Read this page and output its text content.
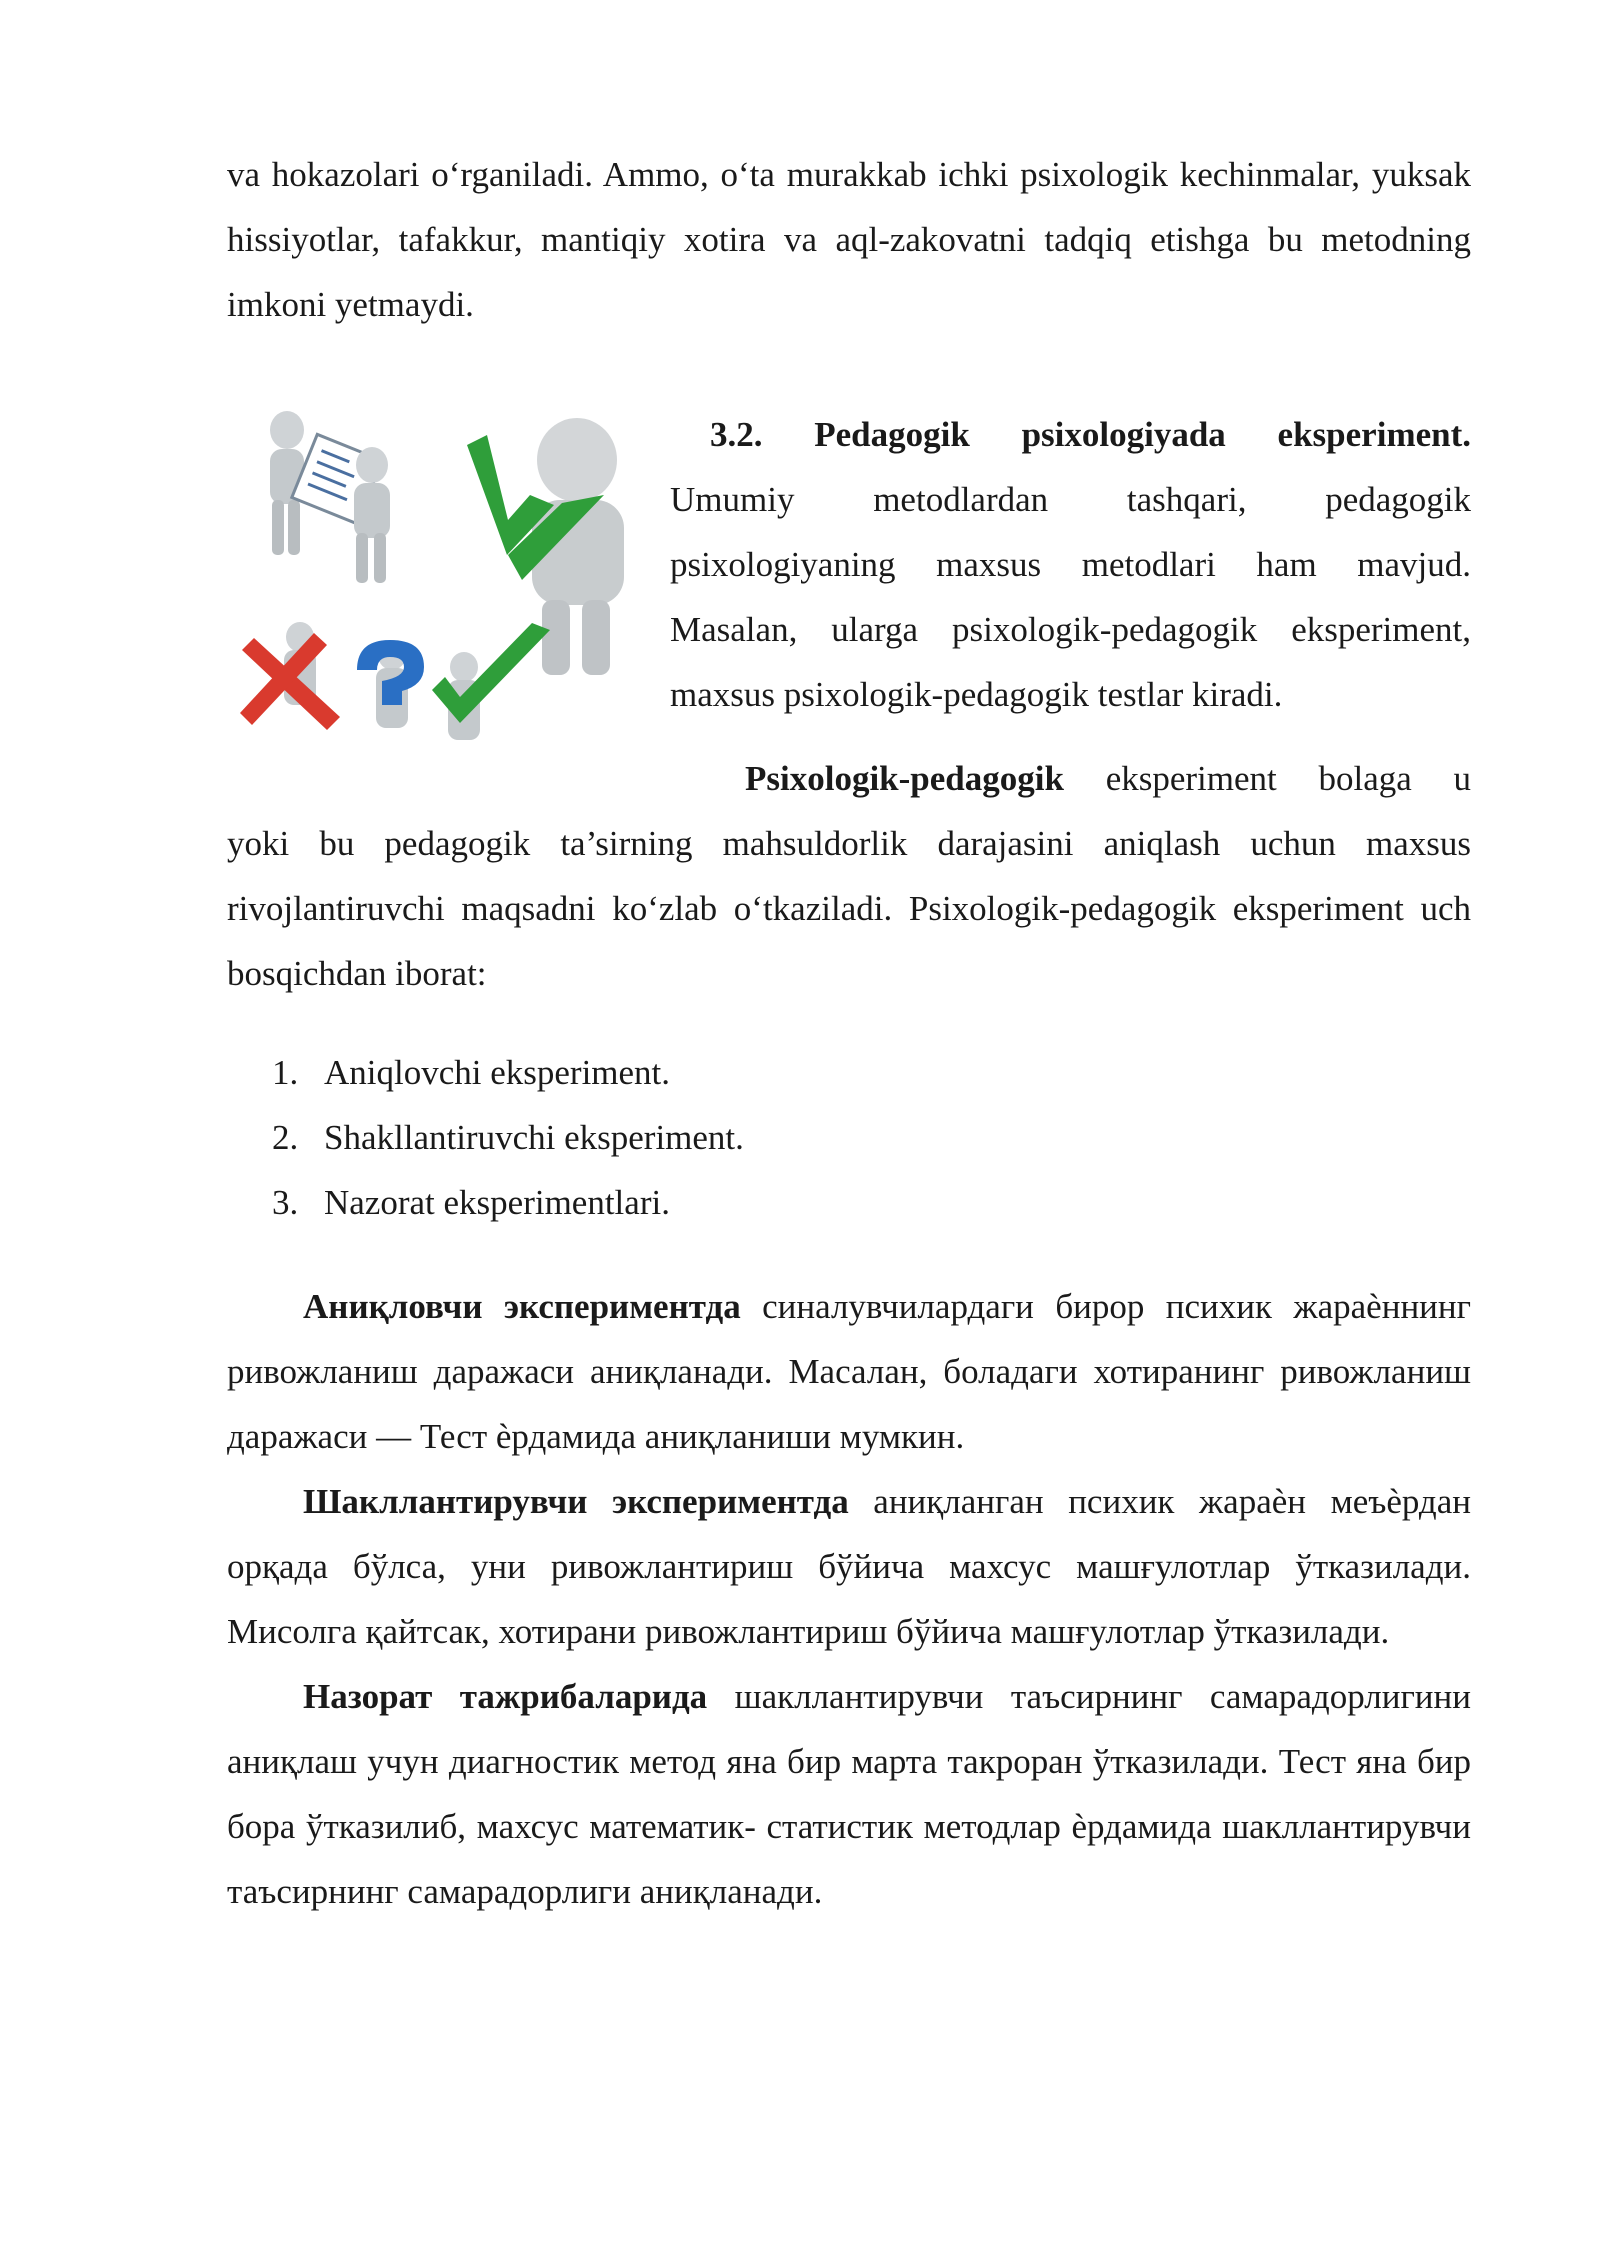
va hokazolari o‘rganiladi. Ammo, o‘ta murakkab ichki psixologik kechinmalar, yuksak hissiyotlar, tafakkur, mantiqiy xotira va aql-zakovatni tadqiq etishga bu metodning imkoni yetmaydi.

3.2. Pedagogik psixologiyada eksperiment.
Umumiy metodlardan tashqari, pedagogik psixologiyaning maxsus metodlari ham mavjud. Masalan, ularga psixologik-pedagogik eksperiment, maxsus psixologik-pedagogik testlar kiradi.

Psixologik-pedagogik eksperiment bolaga u
yoki bu pedagogik ta’sirning mahsuldorlik darajasini aniqlash uchun maxsus rivojlantiruvchi maqsadni ko‘zlab o‘tkaziladi. Psixologik-pedagogik eksperiment uch bosqichdan iborat:

1. Aniqlovchi eksperiment.
2. Shakllantiruvchi eksperiment.
3. Nazorat eksperimentlari.

Аниқловчи экспериментда синалувчилардаги бирор психик жараѐннинг ривожланиш даражаси аниқланади. Масалан, боладаги хотиранинг ривожланиш даражаси — Тест ѐрдамида аниқланиши мумкин.

Шакллантирувчи экспериментда аниқланган психик жараѐн меъѐрдан орқада бўлса, уни ривожлантириш бўйича махсус машғулотлар ўтказилади. Мисолга қайтсак, хотирани ривожлантириш бўйича машғулотлар ўтказилади.

Назорат тажрибаларида шакллантирувчи таъсирнинг самарадорлигини аниқлаш учун диагностик метод яна бир марта такроран ўтказилади. Тест яна бир бора ўтказилиб, махсус математик- статистик методлар ѐрдамида шакллантирувчи таъсирнинг самарадорлиги аниқланади.
